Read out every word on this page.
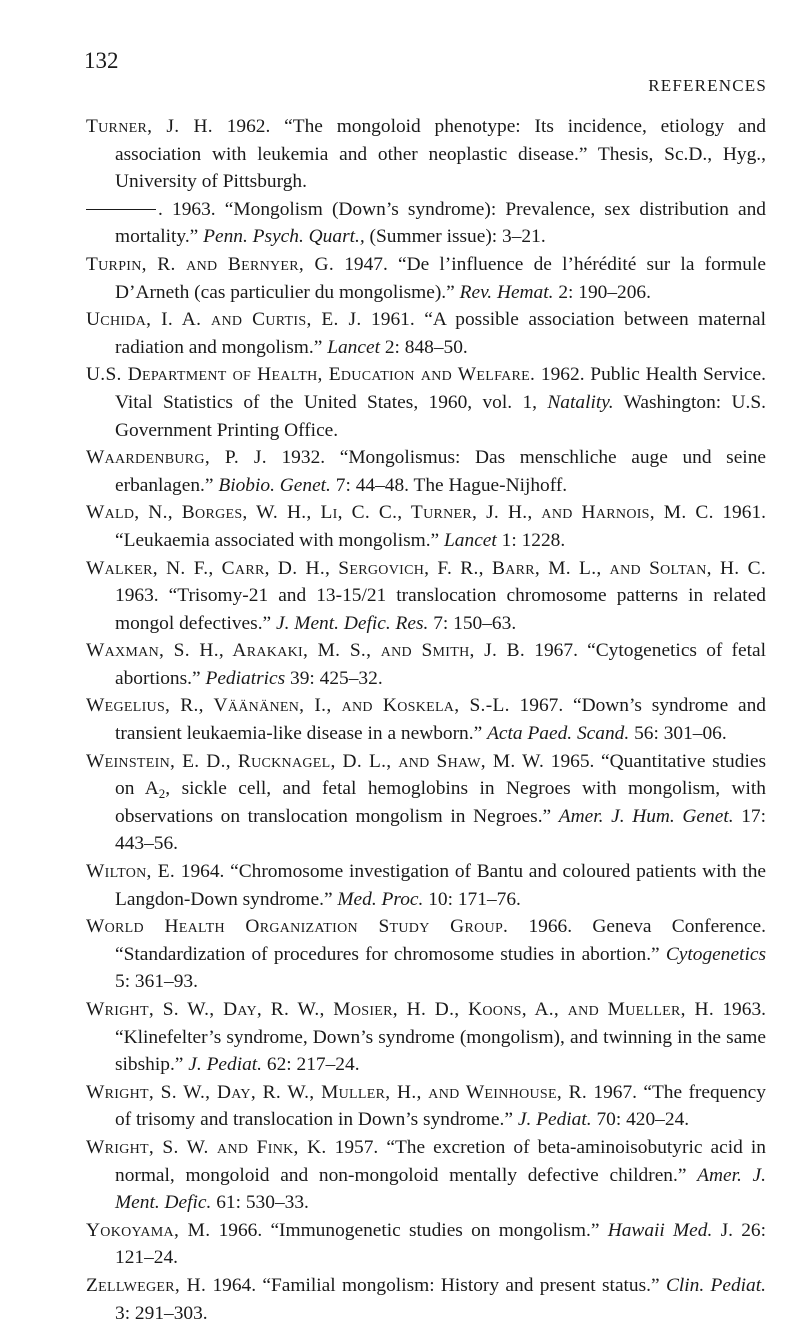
132
REFERENCES

Turner, J. H. 1962. “The mongoloid phenotype: Its incidence, etiology and association with leukemia and other neoplastic disease.” Thesis, Sc.D., Hyg., University of Pittsburgh.

. 1963. “Mongolism (Down’s syndrome): Prevalence, sex distribution and mortality.” Penn. Psych. Quart., (Summer issue): 3–21.

Turpin, R. and Bernyer, G. 1947. “De l’influence de l’hérédité sur la formule D’Arneth (cas particulier du mongolisme).” Rev. Hemat. 2: 190–206.

Uchida, I. A. and Curtis, E. J. 1961. “A possible association between maternal radiation and mongolism.” Lancet 2: 848–50.

U.S. Department of Health, Education and Welfare. 1962. Public Health Service. Vital Statistics of the United States, 1960, vol. 1, Natality. Washington: U.S. Government Printing Office.

Waardenburg, P. J. 1932. “Mongolismus: Das menschliche auge und seine erbanlagen.” Biobio. Genet. 7: 44–48. The Hague-Nijhoff.

Wald, N., Borges, W. H., Li, C. C., Turner, J. H., and Harnois, M. C. 1961. “Leukaemia associated with mongolism.” Lancet 1: 1228.

Walker, N. F., Carr, D. H., Sergovich, F. R., Barr, M. L., and Soltan, H. C. 1963. “Trisomy-21 and 13-15/21 translocation chromosome patterns in related mongol defectives.” J. Ment. Defic. Res. 7: 150–63.

Waxman, S. H., Arakaki, M. S., and Smith, J. B. 1967. “Cytogenetics of fetal abortions.” Pediatrics 39: 425–32.

Wegelius, R., Väänänen, I., and Koskela, S.-L. 1967. “Down’s syndrome and transient leukaemia-like disease in a newborn.” Acta Paed. Scand. 56: 301–06.

Weinstein, E. D., Rucknagel, D. L., and Shaw, M. W. 1965. “Quantitative studies on $A_2$, sickle cell, and fetal hemoglobins in Negroes with mongolism, with observations on translocation mongolism in Negroes.” Amer. J. Hum. Genet. 17: 443–56.

Wilton, E. 1964. “Chromosome investigation of Bantu and coloured patients with the Langdon-Down syndrome.” Med. Proc. 10: 171–76.

World Health Organization Study Group. 1966. Geneva Conference. “Standardization of procedures for chromosome studies in abortion.” Cytogenetics 5: 361–93.

Wright, S. W., Day, R. W., Mosier, H. D., Koons, A., and Mueller, H. 1963. “Klinefelter’s syndrome, Down’s syndrome (mongolism), and twinning in the same sibship.” J. Pediat. 62: 217–24.

Wright, S. W., Day, R. W., Muller, H., and Weinhouse, R. 1967. “The frequency of trisomy and translocation in Down’s syndrome.” J. Pediat. 70: 420–24.

Wright, S. W. and Fink, K. 1957. “The excretion of beta-aminoisobutyric acid in normal, mongoloid and non-mongoloid mentally defective children.” Amer. J. Ment. Defic. 61: 530–33.

Yokoyama, M. 1966. “Immunogenetic studies on mongolism.” Hawaii Med. J. 26: 121–24.

Zellweger, H. 1964. “Familial mongolism: History and present status.” Clin. Pediat. 3: 291–303.
